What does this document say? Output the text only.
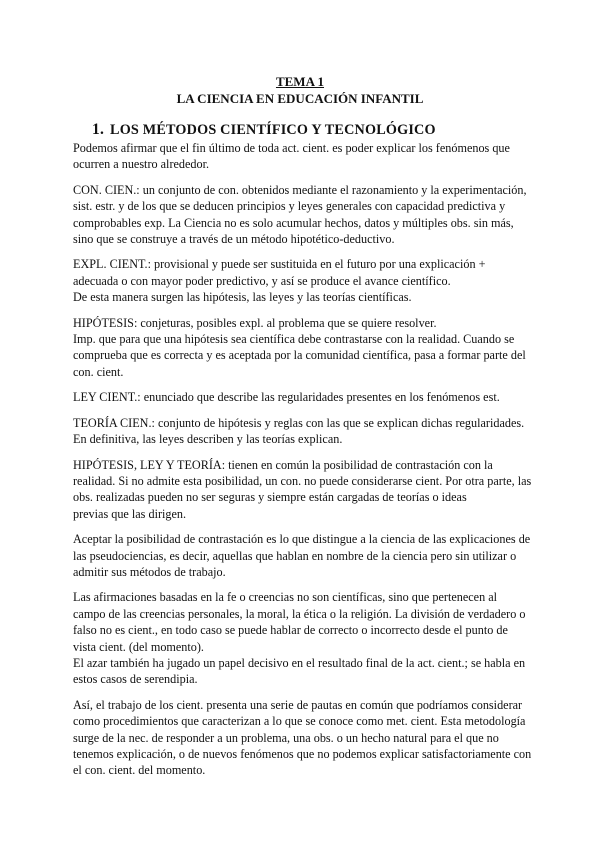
TEMA 1
LA CIENCIA EN EDUCACIÓN INFANTIL
1. LOS MÉTODOS CIENTÍFICO Y TECNOLÓGICO
Podemos afirmar que el fin último de toda act. cient. es poder explicar los fenómenos que
ocurren a nuestro alrededor.
CON. CIEN.: un conjunto de con. obtenidos mediante el razonamiento y la experimentación,
sist. estr. y de los que se deducen principios y leyes generales con capacidad predictiva y
comprobables exp. La Ciencia no es solo acumular hechos, datos y múltiples obs. sin más,
sino que se construye a través de un método hipotético-deductivo.
EXPL. CIENT.: provisional y puede ser sustituida en el futuro por una explicación +
adecuada o con mayor poder predictivo, y así se produce el avance científico.
De esta manera surgen las hipótesis, las leyes y las teorías científicas.
HIPÓTESIS: conjeturas, posibles expl. al problema que se quiere resolver.
Imp. que para que una hipótesis sea científica debe contrastarse con la realidad. Cuando se
comprueba que es correcta y es aceptada por la comunidad científica, pasa a formar parte del
con. cient.
LEY CIENT.: enunciado que describe las regularidades presentes en los fenómenos est.
TEORÍA CIEN.: conjunto de hipótesis y reglas con las que se explican dichas regularidades.
En definitiva, las leyes describen y las teorías explican.
HIPÓTESIS, LEY Y TEORÍA: tienen en común la posibilidad de contrastación con la
realidad. Si no admite esta posibilidad, un con. no puede considerarse cient. Por otra parte, las
obs. realizadas pueden no ser seguras y siempre están cargadas de teorías o ideas
previas que las dirigen.
Aceptar la posibilidad de contrastación es lo que distingue a la ciencia de las explicaciones de
las pseudociencias, es decir, aquellas que hablan en nombre de la ciencia pero sin utilizar o
admitir sus métodos de trabajo.
Las afirmaciones basadas en la fe o creencias no son científicas, sino que pertenecen al
campo de las creencias personales, la moral, la ética o la religión. La división de verdadero o
falso no es cient., en todo caso se puede hablar de correcto o incorrecto desde el punto de
vista cient. (del momento).
El azar también ha jugado un papel decisivo en el resultado final de la act. cient.; se habla en
estos casos de serendipia.
Así, el trabajo de los cient. presenta una serie de pautas en común que podríamos considerar
como procedimientos que caracterizan a lo que se conoce como met. cient. Esta metodología
surge de la nec. de responder a un problema, una obs. o un hecho natural para el que no
tenemos explicación, o de nuevos fenómenos que no podemos explicar satisfactoriamente con
el con. cient. del momento.
